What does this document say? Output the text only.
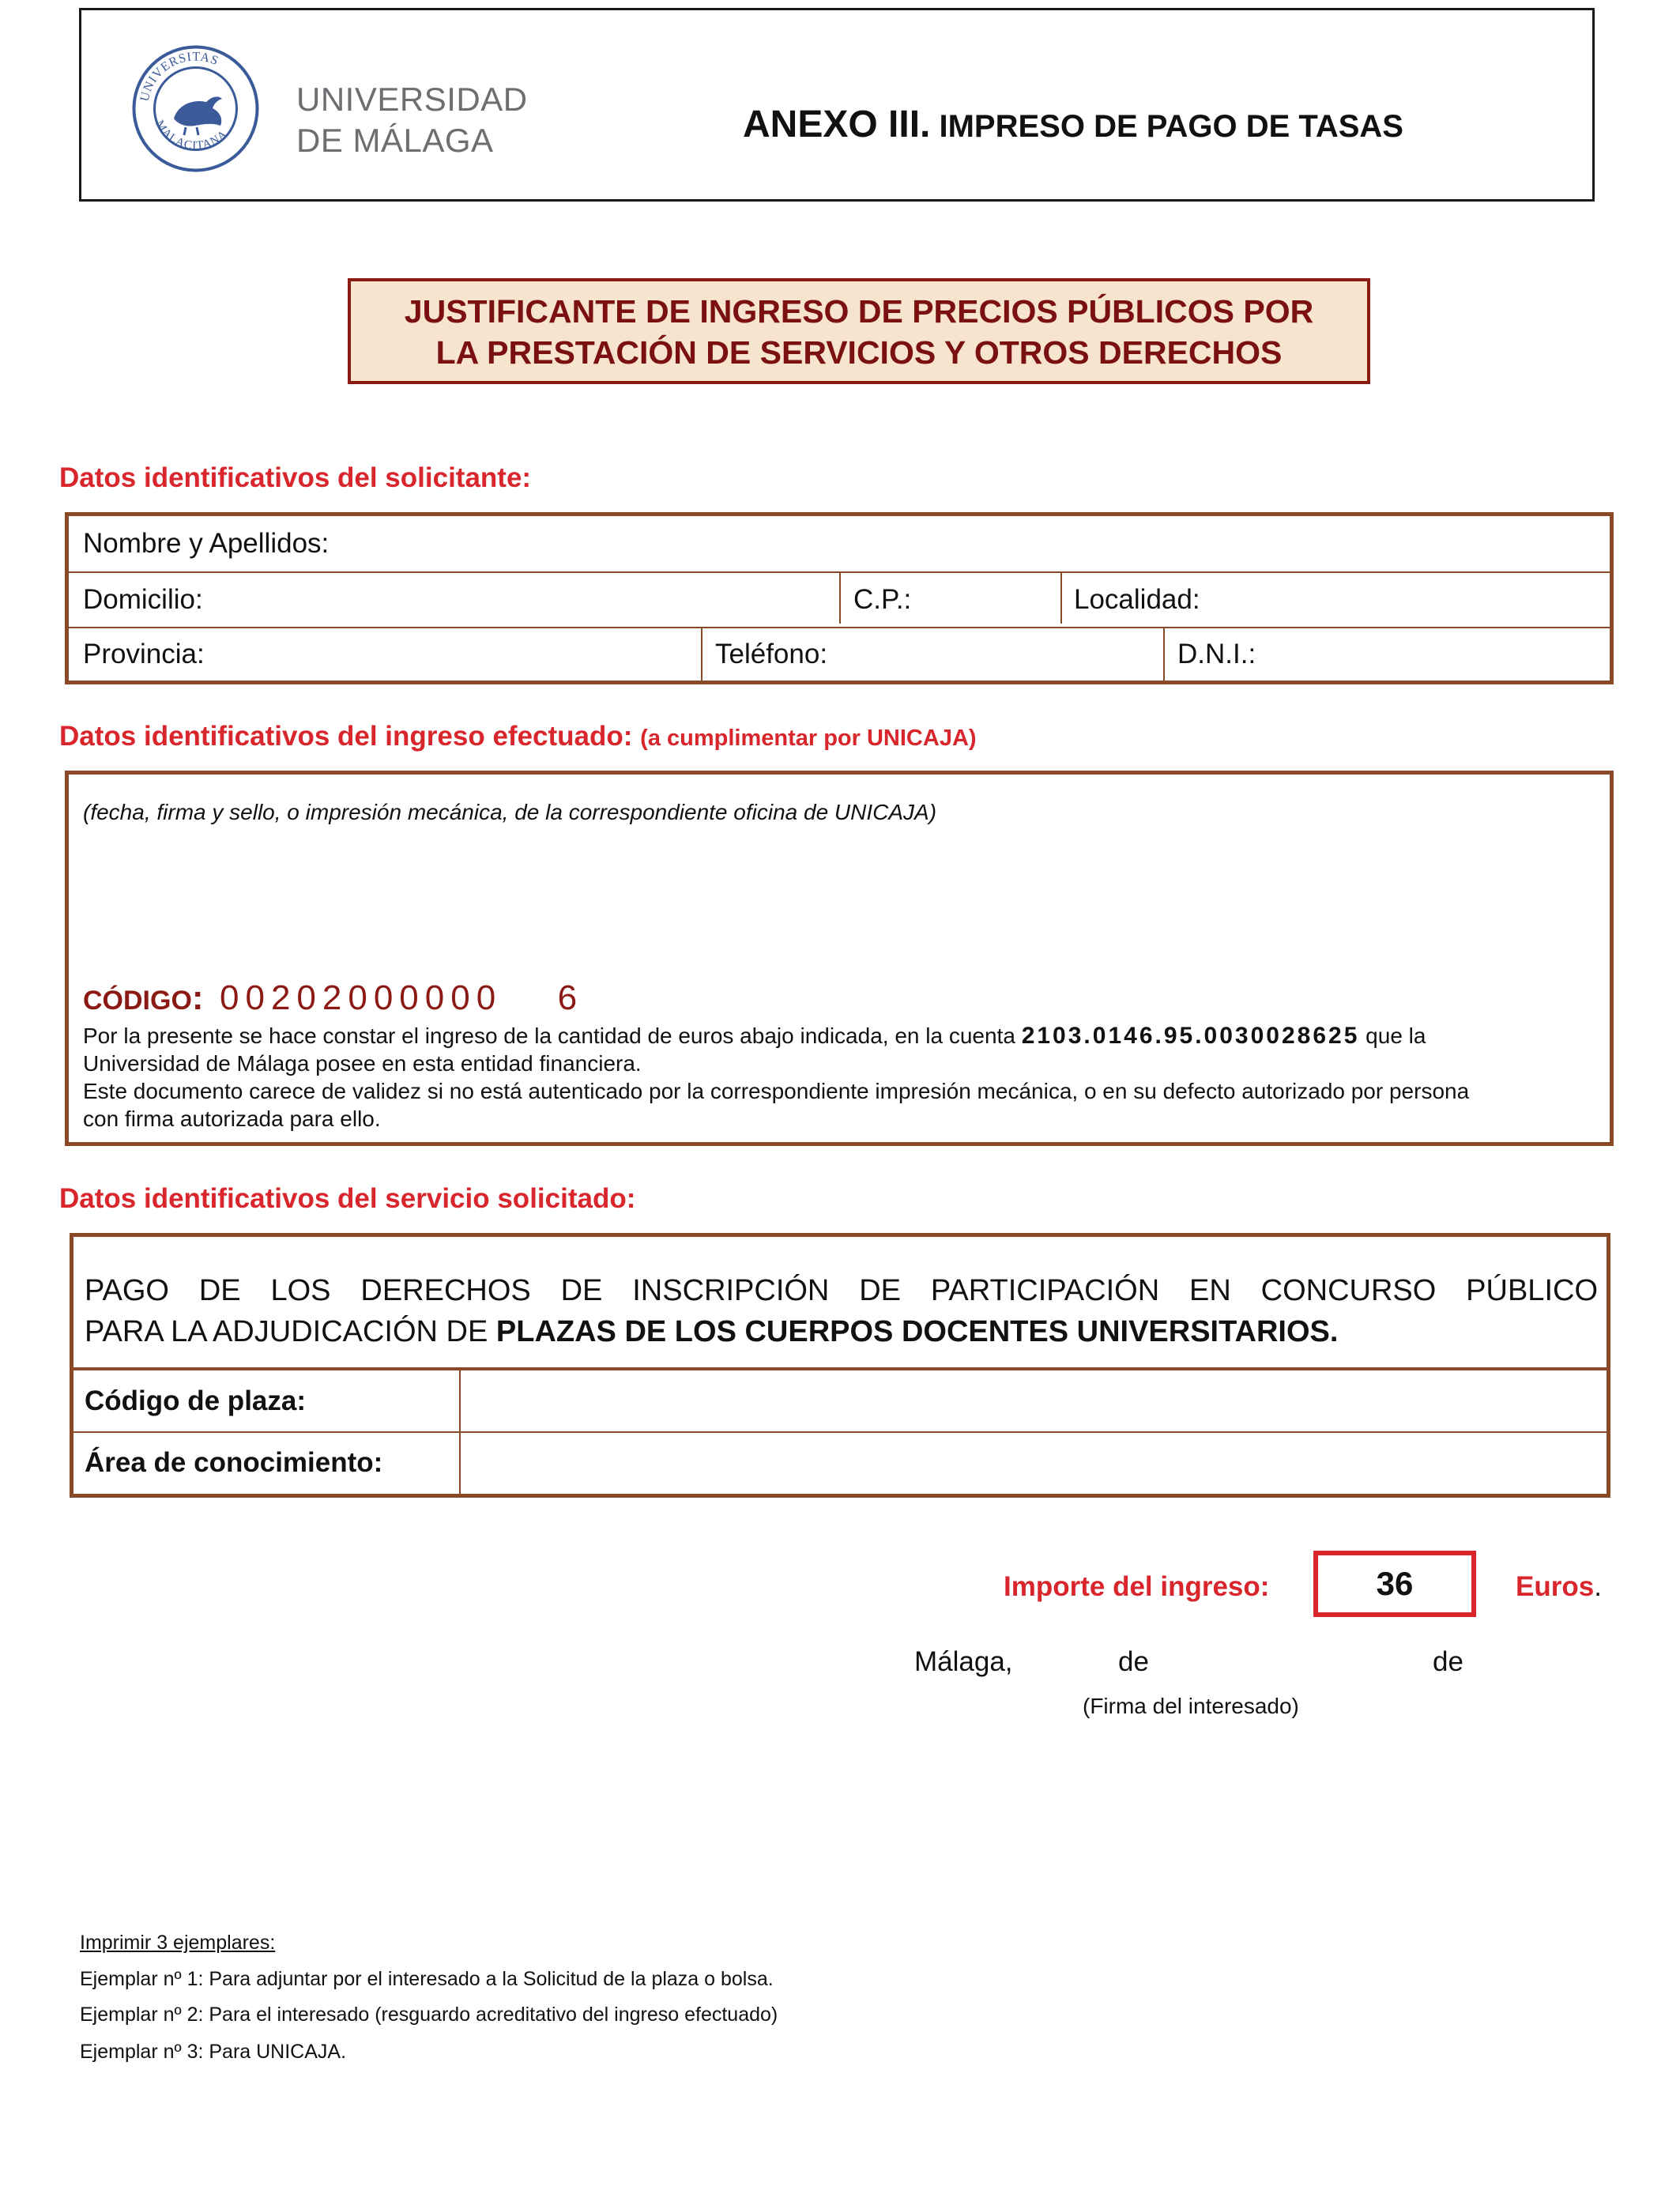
UNIVERSITAS
MALACITANA
UNIVERSIDAD
DE MÁLAGA	ANEXO III. IMPRESO DE PAGO DE TASAS
JUSTIFICANTE DE INGRESO DE PRECIOS PÚBLICOS POR
LA PRESTACIÓN DE SERVICIOS Y OTROS DERECHOS
Datos identificativos del solicitante:
Nombre y Apellidos:
Domicilio:	C.P.:	Localidad:
Provincia:	Teléfono:	D.N.I.:
Datos identificativos del ingreso efectuado: (a cumplimentar por UNICAJA)
(fecha, firma y sello, o impresión mecánica, de la correspondiente oficina de UNICAJA)
CÓDIGO: 00202000000 6
Por la presente se hace constar el ingreso de la cantidad de euros abajo indicada, en la cuenta 2103.0146.95.0030028625 que la
Universidad de Málaga posee en esta entidad financiera.
Este documento carece de validez si no está autenticado por la correspondiente impresión mecánica, o en su defecto autorizado por persona
con firma autorizada para ello.
Datos identificativos del servicio solicitado:
PAGO DE LOS DERECHOS DE INSCRIPCIÓN DE PARTICIPACIÓN EN CONCURSO PÚBLICO
PARA LA ADJUDICACIÓN DE PLAZAS DE LOS CUERPOS DOCENTES UNIVERSITARIOS.
Código de plaza:
Área de conocimiento:
Importe del ingreso:	36	Euros.
Málaga,	de	de
(Firma del interesado)
Imprimir 3 ejemplares:
Ejemplar nº 1: Para adjuntar por el interesado a la Solicitud de la plaza o bolsa.
Ejemplar nº 2: Para el interesado (resguardo acreditativo del ingreso efectuado)
Ejemplar nº 3: Para UNICAJA.
